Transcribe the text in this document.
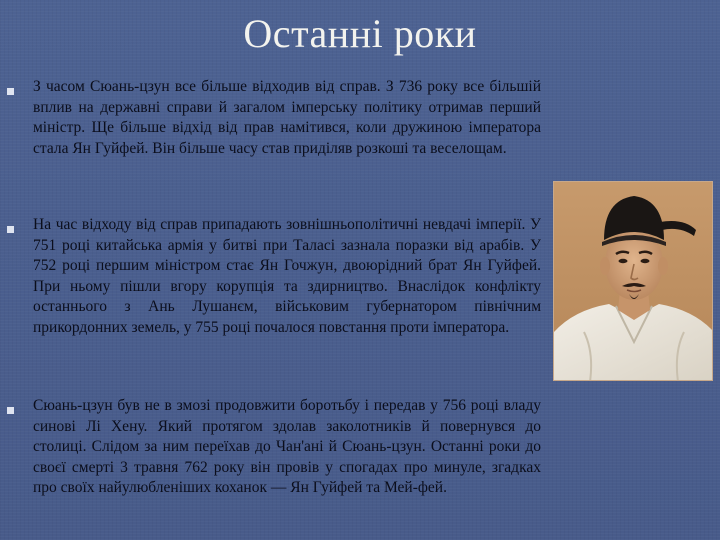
Останні роки
З часом Сюань-цзун все більше відходив від справ. З 736 року все більшій вплив на державні справи й загалом імперську політику отримав перший міністр. Ще більше відхід від прав намітився, коли дружиною імператора стала Ян Гуйфей. Він більше часу став приділяв розкоші та веселощам.
На час відходу від справ припадають зовнішньополітичні невдачі імперії. У 751 році китайська армія у битві при Таласі зазнала поразки від арабів. У 752 році першим міністром стає Ян Гочжун, двоюрідний брат Ян Гуйфей. При ньому пішли вгору корупція та здирництво. Внаслідок конфлікту останнього з Ань Лушанєм, військовим губернатором північним прикордонних земель, у 755 році почалося повстання проти імператора.
Сюань-цзун був не в змозі продовжити боротьбу і передав у 756 році владу синові Лі Хену. Який протягом здолав заколотників й повернувся до столиці. Слідом за ним переїхав до Чан'ані й Сюань-цзун. Останні роки до своєї смерті 3 травня 762 року він провів у спогадах про минуле, згадках про своїх найулюбленіших коханок — Ян Гуйфей та Мей-фей.
